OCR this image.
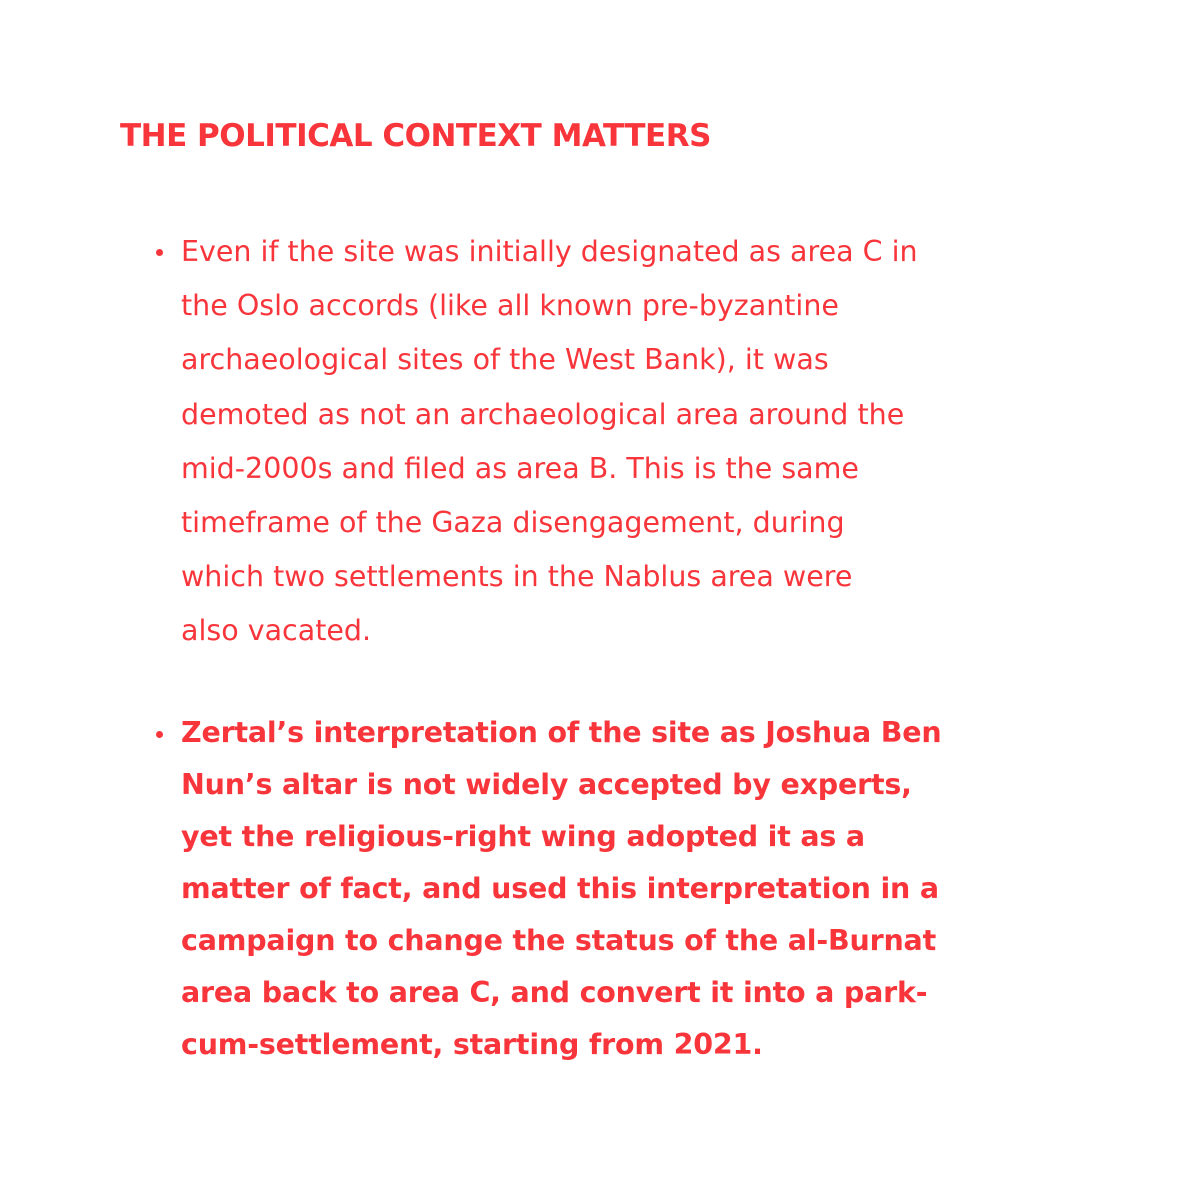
THE POLITICAL CONTEXT MATTERS
Even if the site was initially designated as area C in
the Oslo accords (like all known pre-byzantine
archaeological sites of the West Bank), it was
demoted as not an archaeological area around the
mid-2000s and filed as area B. This is the same
timeframe of the Gaza disengagement, during
which two settlements in the Nablus area were
also vacated.
Zertal’s interpretation of the site as Joshua Ben
Nun’s altar is not widely accepted by experts,
yet the religious-right wing adopted it as a
matter of fact, and used this interpretation in a
campaign to change the status of the al-Burnat
area back to area C, and convert it into a park-
cum-settlement, starting from 2021.
